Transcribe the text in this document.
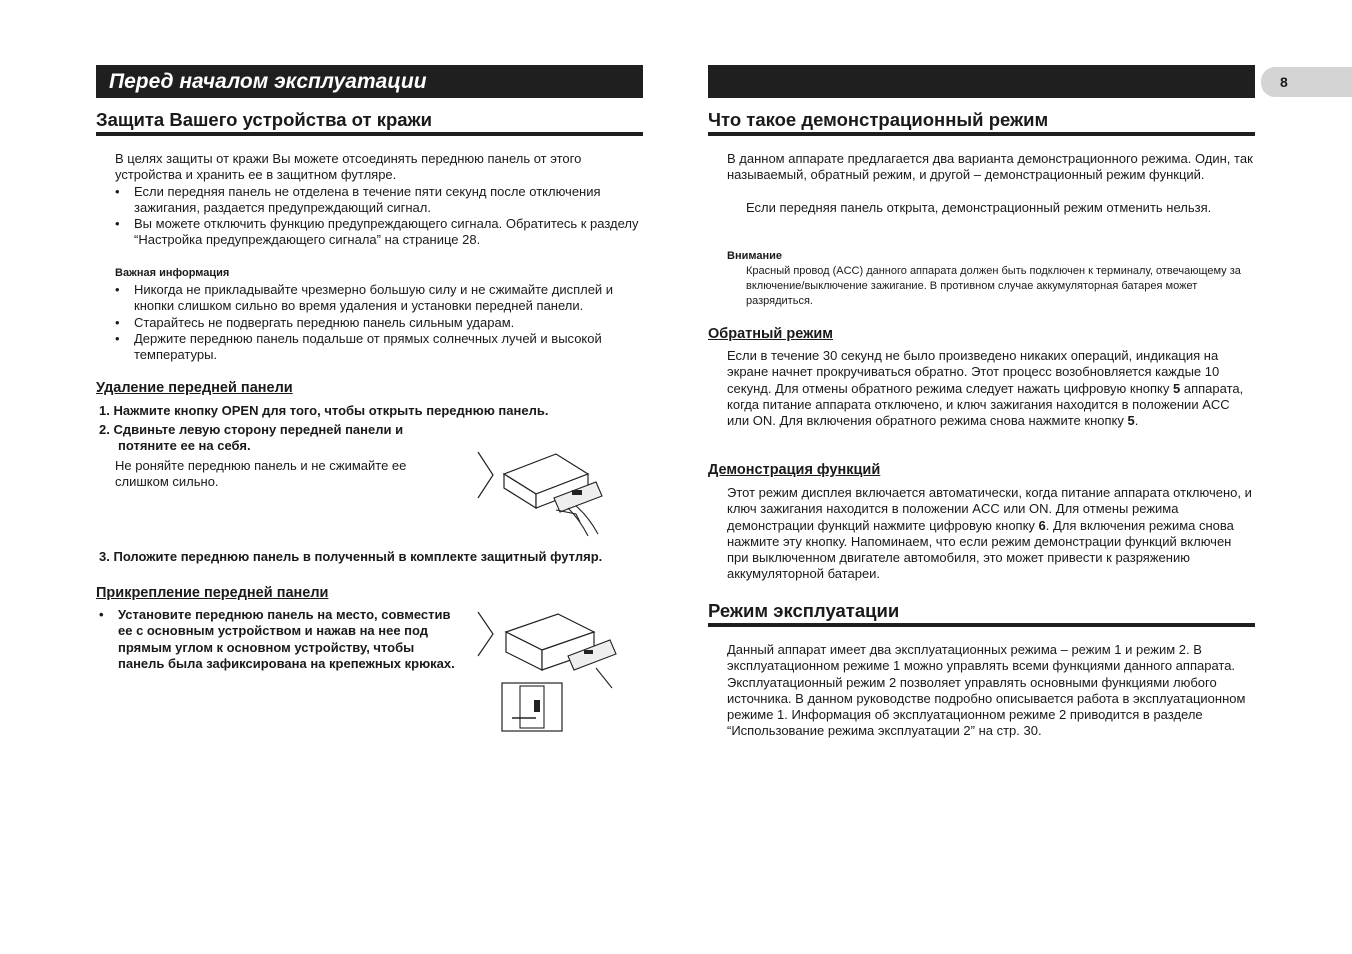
Перед началом эксплуатации	8
Защита Вашего устройства от кражи
В целях защиты от кражи Вы можете отсоединять переднюю панель от этого устройства и хранить ее в защитном футляре.
•    Если передняя панель не отделена в течение пяти секунд после отключения зажигания, раздается предупреждающий сигнал.
•    Вы можете отключить функцию предупреждающего сигнала. Обратитесь к разделу “Настройка предупреждающего сигнала” на странице 28.
Важная информация
•    Никогда не прикладывайте чрезмерно большую силу и не сжимайте дисплей и кнопки слишком сильно во время удаления и установки передней панели.
•    Старайтесь не подвергать переднюю панель сильным ударам.
•    Держите переднюю панель подальше от прямых солнечных лучей и высокой температуры.
Удаление передней панели
1. Нажмите кнопку OPEN для того, чтобы открыть переднюю панель.
2. Сдвиньте левую сторону передней панели и потяните ее на себя.
Не роняйте переднюю панель и не сжимайте ее слишком сильно.
3. Положите переднюю панель в полученный в комплекте защитный футляр.
Прикрепление передней панели
•    Установите переднюю панель на место, совместив ее с основным устройством и нажав на нее под прямым углом к основном устройству, чтобы панель была зафиксирована на крепежных крюках.
Что такое демонстрационный режим
В данном аппарате предлагается два варианта демонстрационного режима. Один, так называемый, обратный режим, и другой – демонстрационный режим функций.
Если передняя панель открыта, демонстрационный режим отменить нельзя.
Внимание
Красный провод (ACC) данного аппарата должен быть подключен к терминалу, отвечающему за включение/выключение зажигание. В противном случае аккумуляторная батарея может разрядиться.
Обратный режим
Если в течение 30 секунд не было произведено никаких операций, индикация на экране начнет прокручиваться обратно. Этот процесс возобновляется каждые 10 секунд. Для отмены обратного режима следует нажать цифровую кнопку 5 аппарата, когда питание аппарата отключено, и ключ зажигания находится в положении ACC или ON. Для включения обратного режима снова нажмите кнопку 5.
Демонстрация функций
Этот режим дисплея включается автоматически, когда питание аппарата отключено, и ключ зажигания находится в положении ACC или ON. Для отмены режима демонстрации функций нажмите цифровую кнопку 6. Для включения режима снова нажмите эту кнопку. Напоминаем, что если режим демонстрации функций включен при выключенном двигателе автомобиля, это может привести к разряжению аккумуляторной батареи.
Режим эксплуатации
Данный аппарат имеет два эксплуатационных режима – режим 1 и режим 2. В эксплуатационном режиме 1 можно управлять всеми функциями данного аппарата. Эксплуатационный режим 2 позволяет управлять основными функциями любого источника. В данном руководстве подробно описывается работа в эксплуатационном режиме 1. Информация об эксплуатационном режиме 2 приводится в разделе “Использование режима эксплуатации 2” на стр. 30.
